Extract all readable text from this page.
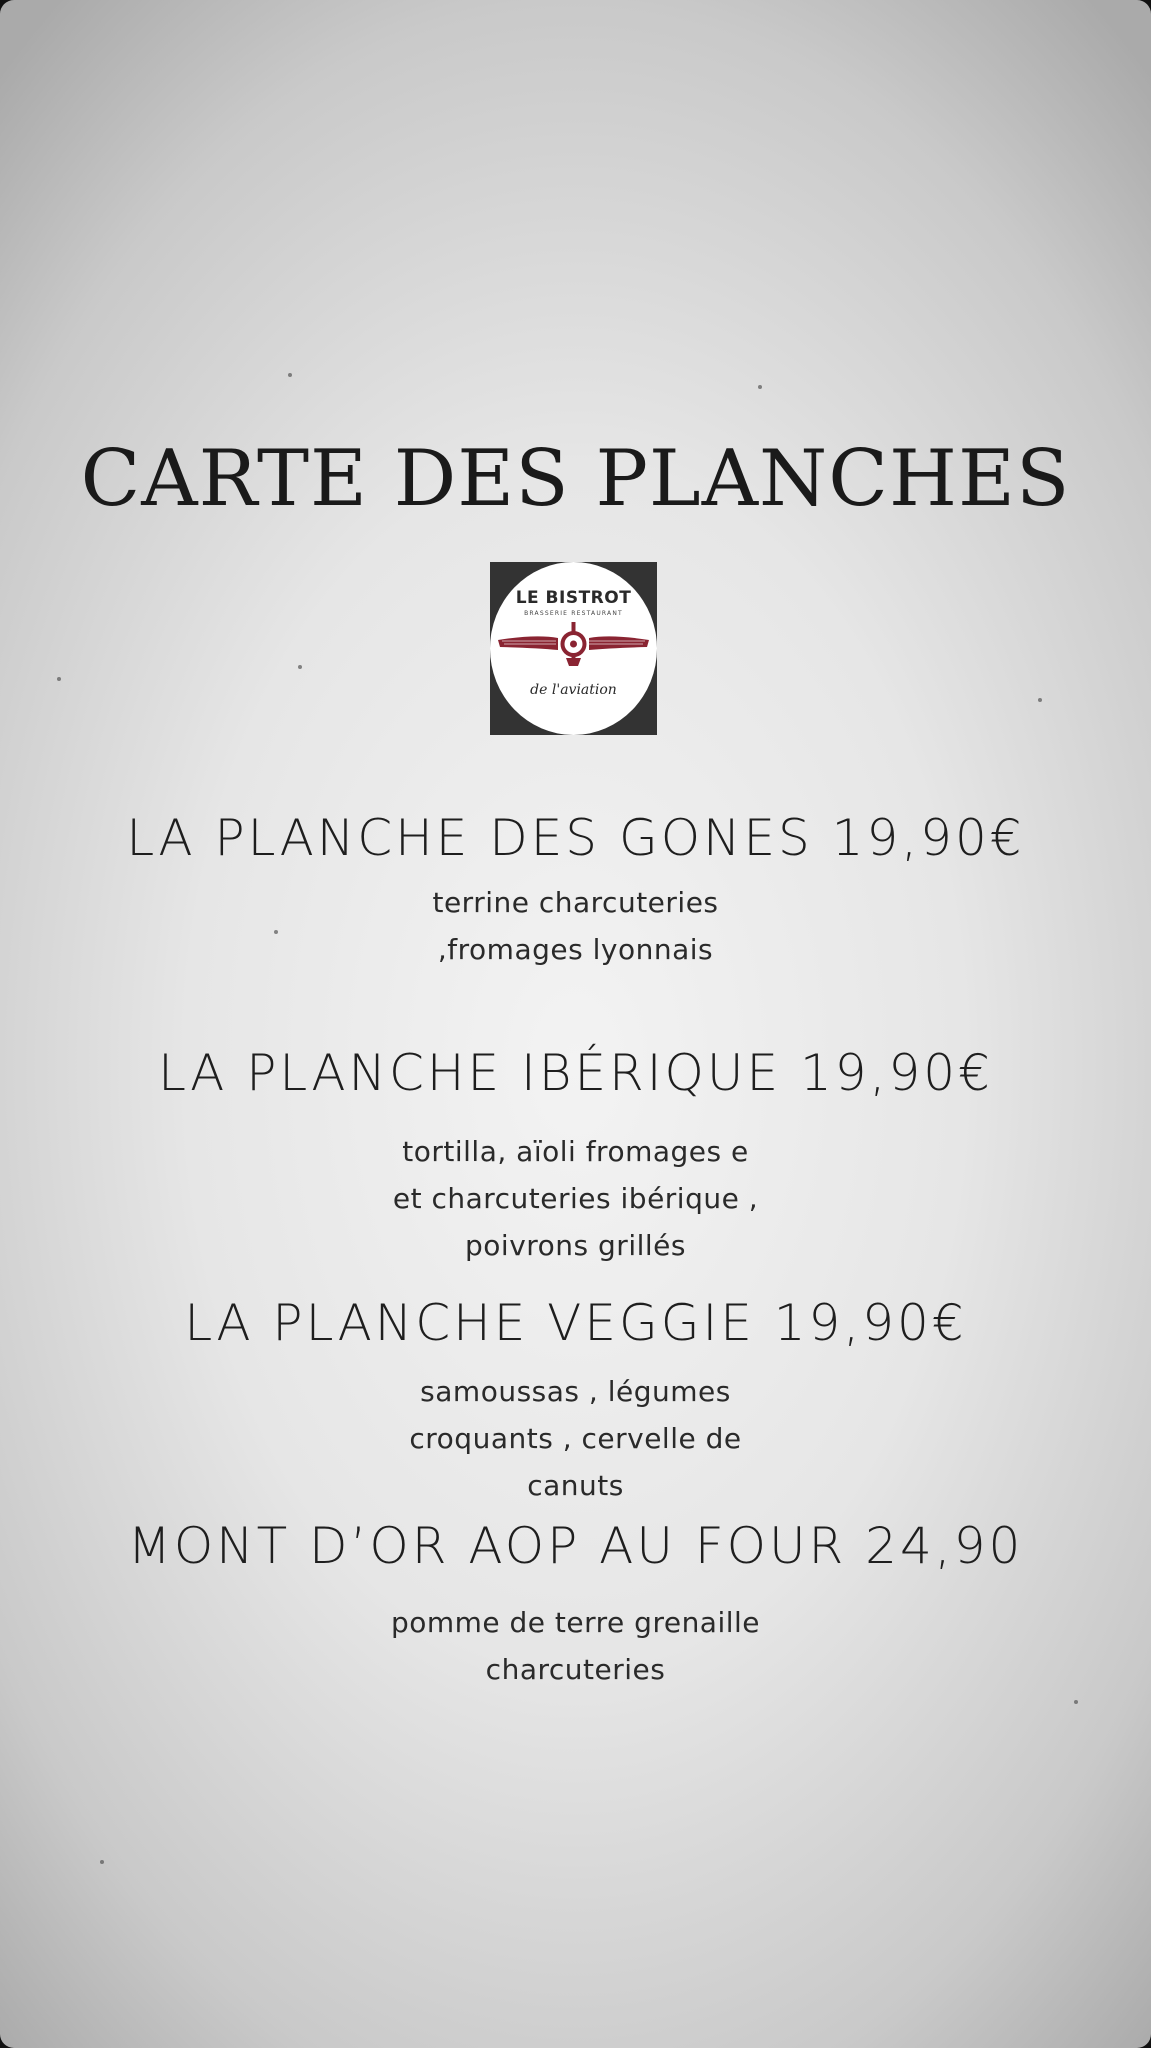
CARTE DES PLANCHES
LE BISTROT
BRASSERIE RESTAURANT
de l'aviation
LA PLANCHE DES GONES 19,90€
terrine charcuteries
,fromages lyonnais
LA PLANCHE IBÉRIQUE 19,90€
tortilla, aïoli fromages e
et charcuteries ibérique ,
poivrons grillés
LA PLANCHE VEGGIE 19,90€
samoussas , légumes
croquants , cervelle de
canuts
MONT D’OR AOP AU FOUR 24,90
pomme de terre grenaille
charcuteries
